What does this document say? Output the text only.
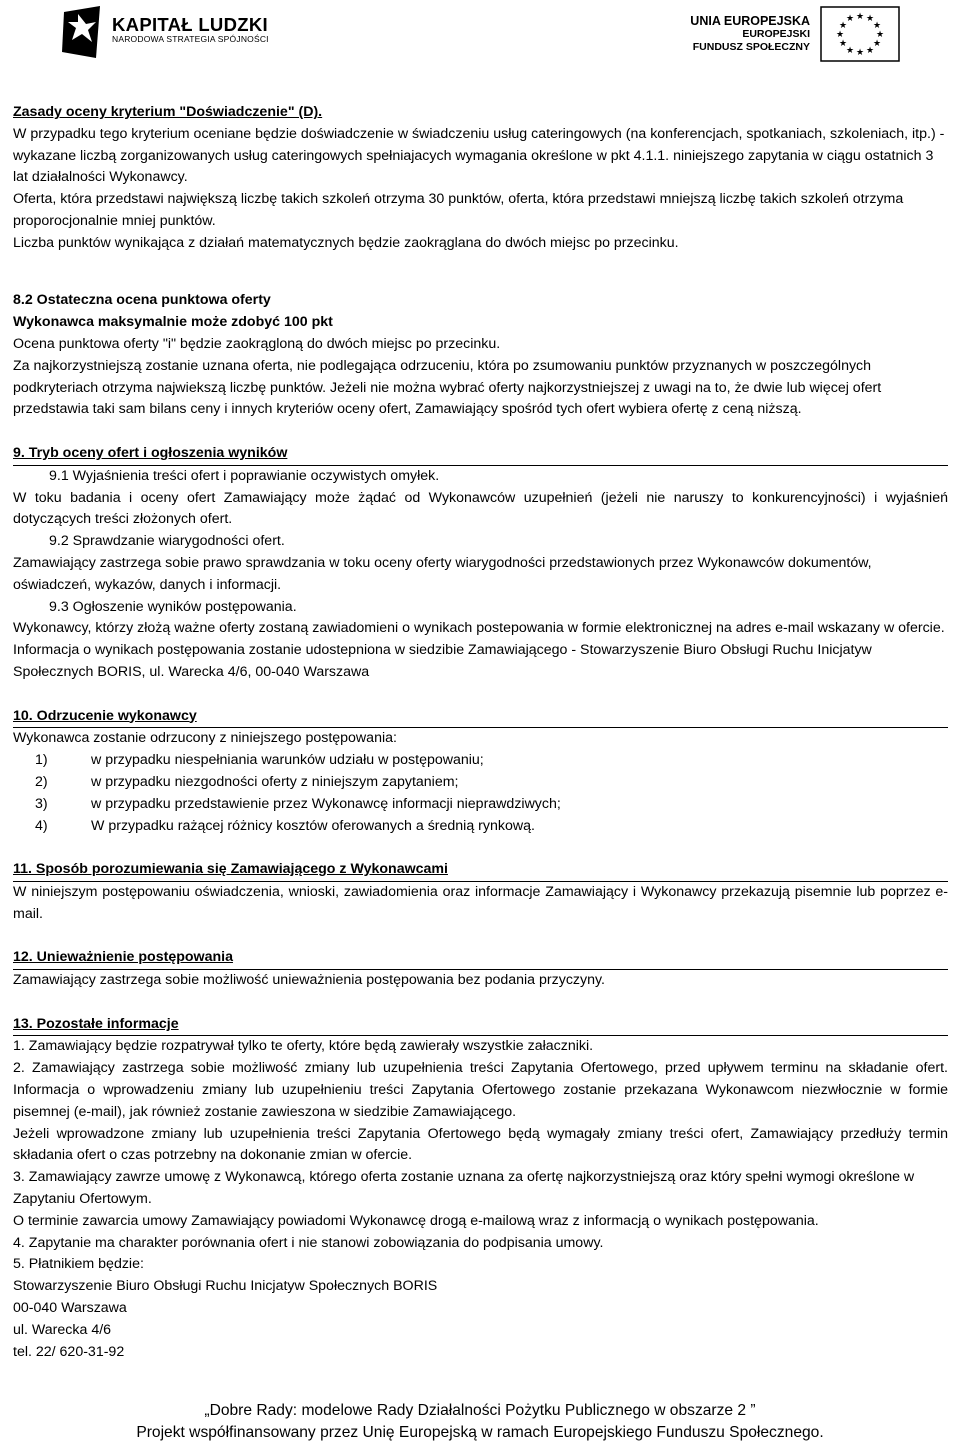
KAPITAŁ LUDZKI
NARODOWA STRATEGIA SPÓJNOŚCI
UNIA EUROPEJSKA
EUROPEJSKI
FUNDUSZ SPOŁECZNY
★ ★
★
★
★
★
★
★
★
★
★
★

Zasady oceny kryterium "Doświadczenie" (D).

W przypadku tego kryterium oceniane będzie doświadczenie w świadczeniu usług cateringowych (na konferencjach, spotkaniach, szkoleniach, itp.) - wykazane liczbą zorganizowanych usług cateringowych spełniajacych wymagania określone w pkt 4.1.1. niniejszego zapytania w ciągu ostatnich 3 lat działalności Wykonawcy.

Oferta, która przedstawi największą liczbę takich szkoleń otrzyma 30 punktów, oferta, która przedstawi mniejszą liczbę takich szkoleń otrzyma proporocjonalnie mniej punktów.

Liczba punktów wynikająca z działań matematycznych będzie zaokrąglana do dwóch miejsc po przecinku.

8.2 Ostateczna ocena punktowa oferty

Wykonawca maksymalnie może zdobyć 100 pkt

Ocena punktowa oferty "i" będzie zaokrągloną do dwóch miejsc po przecinku.

Za najkorzystniejszą zostanie uznana oferta, nie podlegająca odrzuceniu, która po zsumowaniu punktów przyznanych w poszczególnych podkryteriach otrzyma najwiekszą liczbę punktów. Jeżeli nie można wybrać oferty najkorzystniejszej z uwagi na to, że dwie lub więcej ofert przedstawia taki sam bilans ceny i innych kryteriów oceny ofert, Zamawiający spośród tych ofert wybiera ofertę z ceną niższą.

9. Tryb oceny ofert i ogłoszenia wyników

9.1 Wyjaśnienia treści ofert i poprawianie oczywistych omyłek.

W toku badania i oceny ofert Zamawiający może żądać od Wykonawców uzupełnień (jeżeli nie naruszy to konkurencyjności) i wyjaśnień dotyczących treści złożonych ofert.

9.2 Sprawdzanie wiarygodności ofert.

Zamawiającу zastrzega sobie prawo sprawdzania w toku oceny oferty wiarygodności przedstawionych przez Wykonawców dokumentów, oświadczeń, wykazów, danych i informacji.

9.3 Ogłoszenie wyników postępowania.

Wykonawcy, którzy złożą ważne oferty zostaną zawiadomieni o wynikach postepowania w formie elektronicznej na adres e-mail wskazany w ofercie. Informacja o wynikach postępowania zostanie udostepniona w siedzibie Zamawiającego - Stowarzyszenie Biuro Obsługi Ruchu Inicjatyw Społecznych BORIS, ul. Warecka 4/6, 00-040 Warszawa

10. Odrzucenie wykonawcy

Wykonawca zostanie odrzucony z niniejszego postępowania:

1)	w przypadku niespełniania warunków udziału w postępowaniu;
2)	w przypadku niezgodności oferty z niniejszym zapytaniem;
3)	w przypadku przedstawienie przez Wykonawcę informacji nieprawdziwych;
4)	W przypadku rażącej różnicy kosztów oferowanych a średnią rynkową.
11. Sposób porozumiewania się Zamawiającego z Wykonawcami

W niniejszym postępowaniu oświadczenia, wnioski, zawiadomienia oraz informacje Zamawiający i Wykonawcy przekazują pisemnie lub poprzez e-mail.

12. Unieważnienie postępowania

Zamawiający zastrzega sobie możliwość unieważnienia postępowania bez podania przyczyny.

13. Pozostałe informacje

1. Zamawiający będzie rozpatrywał tylko te oferty, które będą zawierały wszystkie załaczniki.

2. Zamawiający zastrzega sobie możliwość zmiany lub uzupełnienia treści Zapytania Ofertowego, przed upływem terminu na składanie ofert. Informacja o wprowadzeniu zmiany lub uzupełnieniu treści Zapytania Ofertowego zostanie przekazana Wykonawcom niezwłocznie w formie pisemnej (e-mail), jak również zostanie zawieszona w siedzibie Zamawiającego.

Jeżeli wprowadzone zmiany lub uzupełnienia treści Zapytania Ofertowego będą wymagały zmiany treści ofert, Zamawiający przedłuży termin składania ofert o czas potrzebny na dokonanie zmian w ofercie.

3. Zamawiający zawrze umowę z Wykonawcą, którego oferta zostanie uznana za ofertę najkorzystniejszą oraz który spełni wymogi określone w Zapytaniu Ofertowym.

O terminie zawarcia umowy Zamawiający powiadomi Wykonawcę drogą e-mailową wraz z informacją o wynikach postępowania.

4. Zapytanie ma charakter porównania ofert i nie stanowi zobowiązania do podpisania umowy.

5. Płatnikiem będzie:

Stowarzyszenie Biuro Obsługi Ruchu Inicjatyw Społecznych BORIS

00-040 Warszawa

ul. Warecka 4/6

tel. 22/ 620-31-92

„Dobre Rady: modelowe Rady Działalności Pożytku Publicznego w obszarze 2 ”
Projekt współfinansowany przez Unię Europejską w ramach Europejskiego Funduszu Społecznego.
